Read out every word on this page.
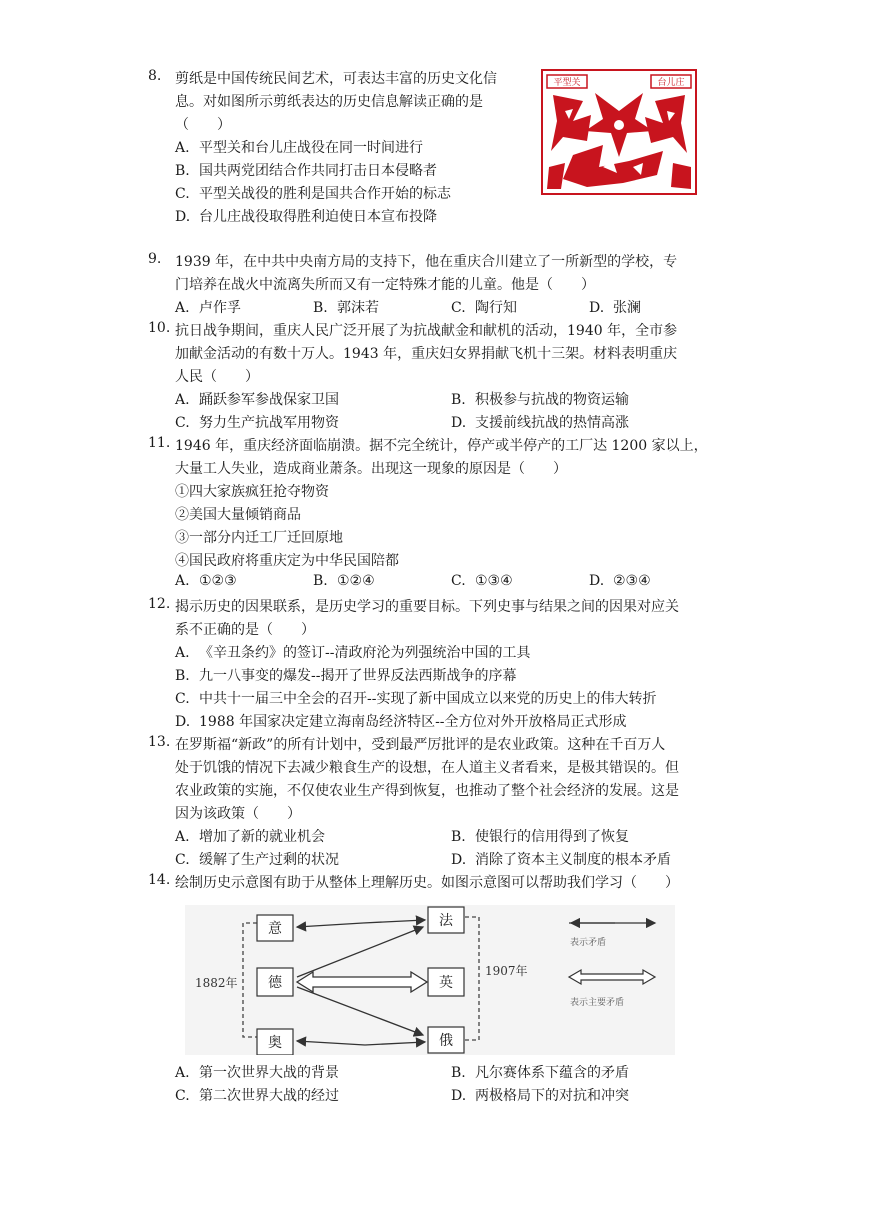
8. 剪纸是中国传统民间艺术，可表达丰富的历史文化信
息。对如图所示剪纸表达的历史信息解读正确的是
（　　）
A. 平型关和台儿庄战役在同一时间进行
B. 国共两党团结合作共同打击日本侵略者
C. 平型关战役的胜利是国共合作开始的标志
D. 台儿庄战役取得胜利迫使日本宣布投降
平型关	台儿庄
9. 1939 年，在中共中央南方局的支持下，他在重庆合川建立了一所新型的学校，专
门培养在战火中流离失所而又有一定特殊才能的儿童。他是（　　）
A. 卢作孚	B. 郭沫若	C. 陶行知	D. 张澜
10. 抗日战争期间，重庆人民广泛开展了为抗战献金和献机的活动，1940 年，全市参
加献金活动的有数十万人。1943 年，重庆妇女界捐献飞机十三架。材料表明重庆
人民（　　）
A. 踊跃参军参战保家卫国	B. 积极参与抗战的物资运输
C. 努力生产抗战军用物资	D. 支援前线抗战的热情高涨
11. 1946 年，重庆经济面临崩溃。据不完全统计，停产或半停产的工厂达 1200 家以上，
大量工人失业，造成商业萧条。出现这一现象的原因是（　　）
①四大家族疯狂抢夺物资
②美国大量倾销商品
③一部分内迁工厂迁回原地
④国民政府将重庆定为中华民国陪都
A. ①②③	B. ①②④	C. ①③④	D. ②③④
12. 揭示历史的因果联系，是历史学习的重要目标。下列史事与结果之间的因果对应关
系不正确的是（　　）
A. 《辛丑条约》的签订--清政府沦为列强统治中国的工具
B. 九一八事变的爆发--揭开了世界反法西斯战争的序幕
C. 中共十一届三中全会的召开--实现了新中国成立以来党的历史上的伟大转折
D. 1988 年国家决定建立海南岛经济特区--全方位对外开放格局正式形成
13. 在罗斯福“新政”的所有计划中，受到最严厉批评的是农业政策。这种在千百万人
处于饥饿的情况下去减少粮食生产的设想，在人道主义者看来，是极其错误的。但
农业政策的实施，不仅使农业生产得到恢复，也推动了整个社会经济的发展。这是
因为该政策（　　）
A. 增加了新的就业机会	B. 使银行的信用得到了恢复
C. 缓解了生产过剩的状况	D. 消除了资本主义制度的根本矛盾
14. 绘制历史示意图有助于从整体上理解历史。如图示意图可以帮助我们学习（　　）
1882年
1907年
意
德
奥
法
英
俄
表示矛盾
表示主要矛盾
A. 第一次世界大战的背景	B. 凡尔赛体系下蕴含的矛盾
C. 第二次世界大战的经过	D. 两极格局下的对抗和冲突
